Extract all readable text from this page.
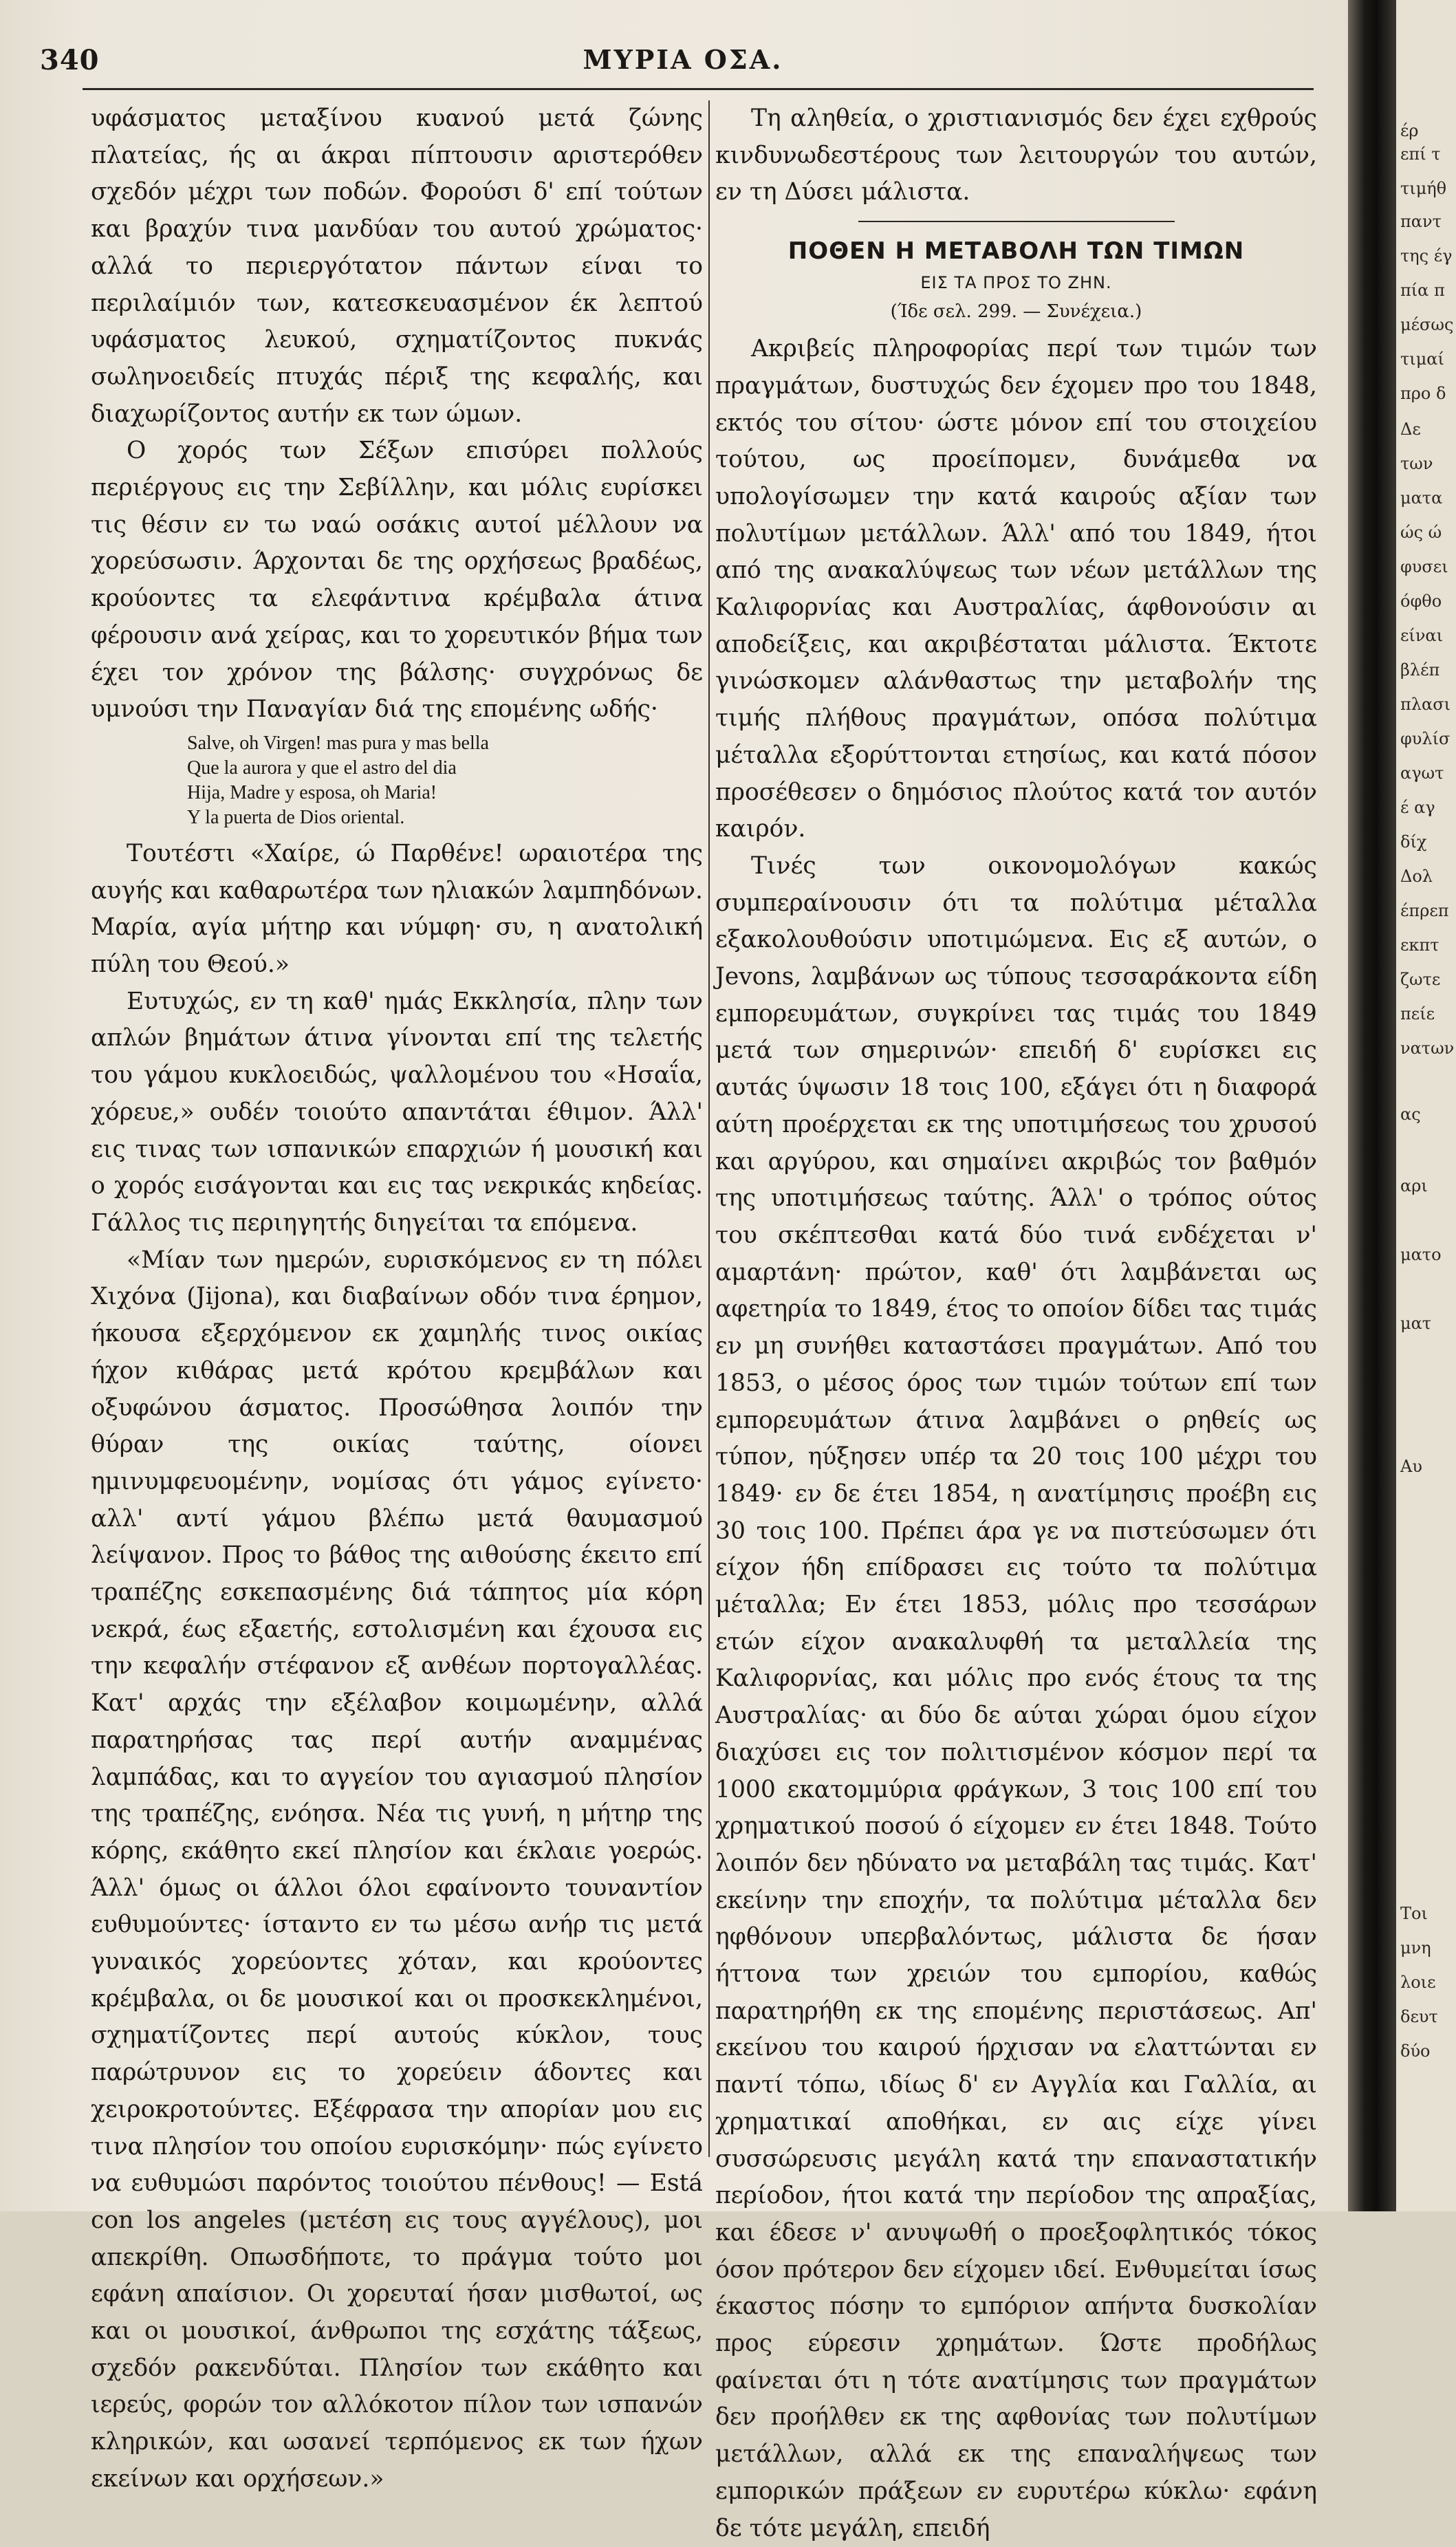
340	ΜΥΡΙΑ ΟΣΑ.

υφάσματος μεταξίνου κυανού μετά ζώνης πλατείας, ής αι άκραι πίπτουσιν αριστερόθεν σχεδόν μέχρι των ποδών. Φορούσι δ' επί τούτων και βραχύν τινα μανδύαν του αυτού χρώματος· αλλά το περιεργότατον πάντων είναι το περιλαίμιόν των, κατεσκευασμένον έκ λεπτού υφάσματος λευκού, σχηματίζοντος πυκνάς σωληνοειδείς πτυχάς πέριξ της κεφαλής, και διαχωρίζοντος αυτήν εκ των ώμων.

Ο χορός των Σέξων επισύρει πολλούς περιέργους εις την Σεβίλλην, και μόλις ευρίσκει τις θέσιν εν τω ναώ οσάκις αυτοί μέλλουν να χορεύσωσιν. Άρχονται δε της ορχήσεως βραδέως, κρούοντες τα ελεφάντινα κρέμβαλα άτινα φέρουσιν ανά χείρας, και το χορευτικόν βήμα των έχει τον χρόνον της βάλσης· συγχρόνως δε υμνούσι την Παναγίαν διά της επομένης ωδής·

Salve, oh Virgen! mas pura y mas bella
Que la aurora y que el astro del dia
Hija, Madre y esposa, oh Maria!
Y la puerta de Dios oriental.

Τουτέστι «Χαίρε, ώ Παρθένε! ωραιοτέρα της αυγής και καθαρωτέρα των ηλιακών λαμπηδόνων. Μαρία, αγία μήτηρ και νύμφη· συ, η ανατολική πύλη του Θεού.»

Ευτυχώς, εν τη καθ' ημάς Εκκλησία, πλην των απλών βημάτων άτινα γίνονται επί της τελετής του γάμου κυκλοειδώς, ψαλλομένου του «Ησαΐα, χόρευε,» ουδέν τοιούτο απαντάται έθιμον. Άλλ' εις τινας των ισπανικών επαρχιών ή μουσική και ο χορός εισάγονται και εις τας νεκρικάς κηδείας. Γάλλος τις περιηγητής διηγείται τα επόμενα.

«Μίαν των ημερών, ευρισκόμενος εν τη πόλει Χιχόνα (Jijona), και διαβαίνων οδόν τινα έρημον, ήκουσα εξερχόμενον εκ χαμηλής τινος οικίας ήχον κιθάρας μετά κρότου κρεμβάλων και οξυφώνου άσματος. Προσώθησα λοιπόν την θύραν της οικίας ταύτης, οίονει ημινυμφευομένην, νομίσας ότι γάμος εγίνετο· αλλ' αντί γάμου βλέπω μετά θαυμασμού λείψανον. Προς το βάθος της αιθούσης έκειτο επί τραπέζης εσκεπασμένης διά τάπητος μία κόρη νεκρά, έως εξαετής, εστολισμένη και έχουσα εις την κεφαλήν στέφανον εξ ανθέων πορτογαλλέας. Κατ' αρχάς την εξέλαβον κοιμωμένην, αλλά παρατηρήσας τας περί αυτήν αναμμένας λαμπάδας, και το αγγείον του αγιασμού πλησίον της τραπέζης, ενόησα. Νέα τις γυνή, η μήτηρ της κόρης, εκάθητο εκεί πλησίον και έκλαιε γοερώς. Άλλ' όμως οι άλλοι όλοι εφαίνοντο τουναντίον ευθυμούντες· ίσταντο εν τω μέσω ανήρ τις μετά γυναικός χορεύοντες χόταν, και κρούοντες κρέμβαλα, οι δε μουσικοί και οι προσκεκλημένοι, σχηματίζοντες περί αυτούς κύκλον, τους παρώτρυνον εις το χορεύειν άδοντες και χειροκροτούντες. Εξέφρασα την απορίαν μου εις τινα πλησίον του οποίου ευρισκόμην· πώς εγίνετο να ευθυμώσι παρόντος τοιούτου πένθους! — Está con los angeles (μετέση εις τους αγγέλους), μοι απεκρίθη. Οπωσδήποτε, το πράγμα τούτο μοι εφάνη απαίσιον. Οι χορευταί ήσαν μισθωτοί, ως και οι μουσικοί, άνθρωποι της εσχάτης τάξεως, σχεδόν ρακενδύται. Πλησίον των εκάθητο και ιερεύς, φορών τον αλλόκοτον πίλον των ισπανών κληρικών, και ωσανεί τερπόμενος εκ των ήχων εκείνων και ορχήσεων.»

Τη αληθεία, ο χριστιανισμός δεν έχει εχθρούς κινδυνωδεστέρους των λειτουργών του αυτών, εν τη Δύσει μάλιστα.

ΠΟΘΕΝ Η ΜΕΤΑΒΟΛΗ ΤΩΝ ΤΙΜΩΝ
ΕΙΣ ΤΑ ΠΡΟΣ ΤΟ ΖΗΝ.
(Ίδε σελ. 299. — Συνέχεια.)

Ακριβείς πληροφορίας περί των τιμών των πραγμάτων, δυστυχώς δεν έχομεν προ του 1848, εκτός του σίτου· ώστε μόνον επί του στοιχείου τούτου, ως προείπομεν, δυνάμεθα να υπολογίσωμεν την κατά καιρούς αξίαν των πολυτίμων μετάλλων. Άλλ' από του 1849, ήτοι από της ανακαλύψεως των νέων μετάλλων της Καλιφορνίας και Αυστραλίας, άφθονούσιν αι αποδείξεις, και ακριβέσταται μάλιστα. Έκτοτε γινώσκομεν αλάνθαστως την μεταβολήν της τιμής πλήθους πραγμάτων, οπόσα πολύτιμα μέταλλα εξορύττονται ετησίως, και κατά πόσον προσέθεσεν ο δημόσιος πλούτος κατά τον αυτόν καιρόν.

Τινές των οικονομολόγων κακώς συμπεραίνουσιν ότι τα πολύτιμα μέταλλα εξακολουθούσιν υποτιμώμενα. Εις εξ αυτών, ο Jevons, λαμβάνων ως τύπους τεσσαράκοντα είδη εμπορευμάτων, συγκρίνει τας τιμάς του 1849 μετά των σημερινών· επειδή δ' ευρίσκει εις αυτάς ύψωσιν 18 τοις 100, εξάγει ότι η διαφορά αύτη προέρχεται εκ της υποτιμήσεως του χρυσού και αργύρου, και σημαίνει ακριβώς τον βαθμόν της υποτιμήσεως ταύτης. Άλλ' ο τρόπος ούτος του σκέπτεσθαι κατά δύο τινά ενδέχεται ν' αμαρτάνη· πρώτον, καθ' ότι λαμβάνεται ως αφετηρία το 1849, έτος το οποίον δίδει τας τιμάς εν μη συνήθει καταστάσει πραγμάτων. Από του 1853, ο μέσος όρος των τιμών τούτων επί των εμπορευμάτων άτινα λαμβάνει ο ρηθείς ως τύπον, ηύξησεν υπέρ τα 20 τοις 100 μέχρι του 1849· εν δε έτει 1854, η ανατίμησις προέβη εις 30 τοις 100. Πρέπει άρα γε να πιστεύσωμεν ότι είχον ήδη επίδρασει εις τούτο τα πολύτιμα μέταλλα; Εν έτει 1853, μόλις προ τεσσάρων ετών είχον ανακαλυφθή τα μεταλλεία της Καλιφορνίας, και μόλις προ ενός έτους τα της Αυστραλίας· αι δύο δε αύται χώραι όμου είχον διαχύσει εις τον πολιτισμένον κόσμον περί τα 1000 εκατομμύρια φράγκων, 3 τοις 100 επί του χρηματικού ποσού ό είχομεν εν έτει 1848. Τούτο λοιπόν δεν ηδύνατο να μεταβάλη τας τιμάς. Κατ' εκείνην την εποχήν, τα πολύτιμα μέταλλα δεν ηφθόνουν υπερβαλόντως, μάλιστα δε ήσαν ήττονα των χρειών του εμπορίου, καθώς παρατηρήθη εκ της επομένης περιστάσεως. Απ' εκείνου του καιρού ήρχισαν να ελαττώνται εν παντί τόπω, ιδίως δ' εν Αγγλία και Γαλλία, αι χρηματικαί αποθήκαι, εν αις είχε γίνει συσσώρευσις μεγάλη κατά την επαναστατικήν περίοδον, ήτοι κατά την περίοδον της απραξίας, και έδεσε ν' ανυψωθή ο προεξοφλητικός τόκος όσον πρότερον δεν είχομεν ιδεί. Ενθυμείται ίσως έκαστος πόσην το εμπόριον απήντα δυσκολίαν προς εύρεσιν χρημάτων. Ώστε προδήλως φαίνεται ότι η τότε ανατίμησις των πραγμάτων δεν προήλθεν εκ της αφθονίας των πολυτίμων μετάλλων, αλλά εκ της επαναλήψεως των εμπορικών πράξεων εν ευρυτέρω κύκλω· εφάνη δε τότε μεγάλη, επειδή

έρ
επί τ
τιμήθ
παντ
της έγ
πία π
μέσως
τιμαί
προ δ
Δε
των
ματα
ώς ώ
φυσει
όφθο
είναι
βλέπ
πλασι
φυλίσ
αγωτ
έ αγ
δίχ
Δολ
έπρεπ
εκπτ
ζωτε
πείε
νατων
ας
αρι
ματο
ματ
Αυ
Τοι
μνη
λοιε
δευτ
δύο
